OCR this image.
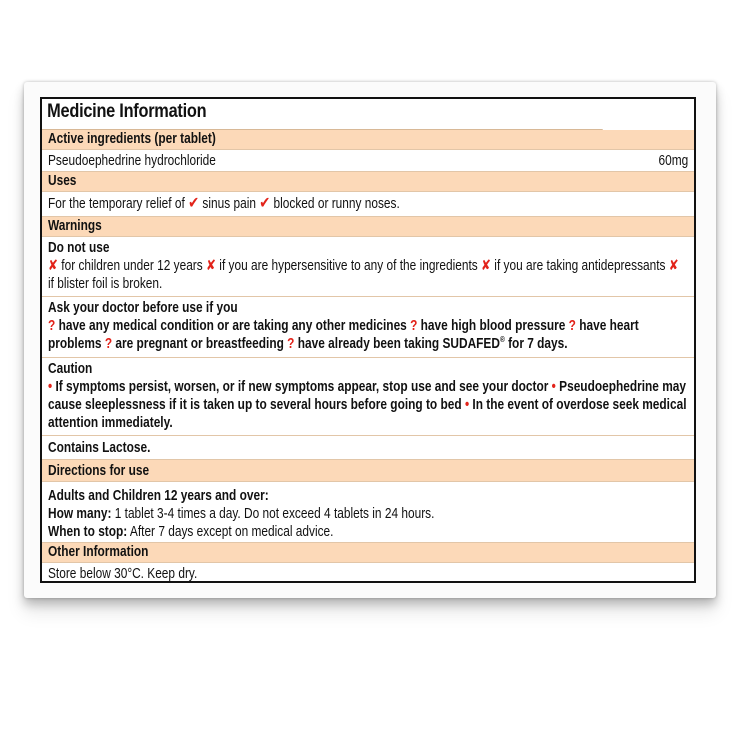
Medicine Information
Active ingredients (per tablet)
Pseudoephedrine hydrochloride	60mg
Uses
For the temporary relief of ✔ sinus pain ✔ blocked or runny noses.
Warnings
Do not use
✘ for children under 12 years ✘ if you are hypersensitive to any of the ingredients ✘ if you are taking antidepressants ✘ if blister foil is broken.
Ask your doctor before use if you
? have any medical condition or are taking any other medicines ? have high blood pressure ? have heart problems ? are pregnant or breastfeeding ? have already been taking SUDAFED® for 7 days.
Caution
• If symptoms persist, worsen, or if new symptoms appear, stop use and see your doctor • Pseudoephedrine may cause sleeplessness if it is taken up to several hours before going to bed • In the event of overdose seek medical attention immediately.
Contains Lactose.
Directions for use
Adults and Children 12 years and over:
How many: 1 tablet 3-4 times a day. Do not exceed 4 tablets in 24 hours.
When to stop: After 7 days except on medical advice.
Other Information
Store below 30°C. Keep dry.
